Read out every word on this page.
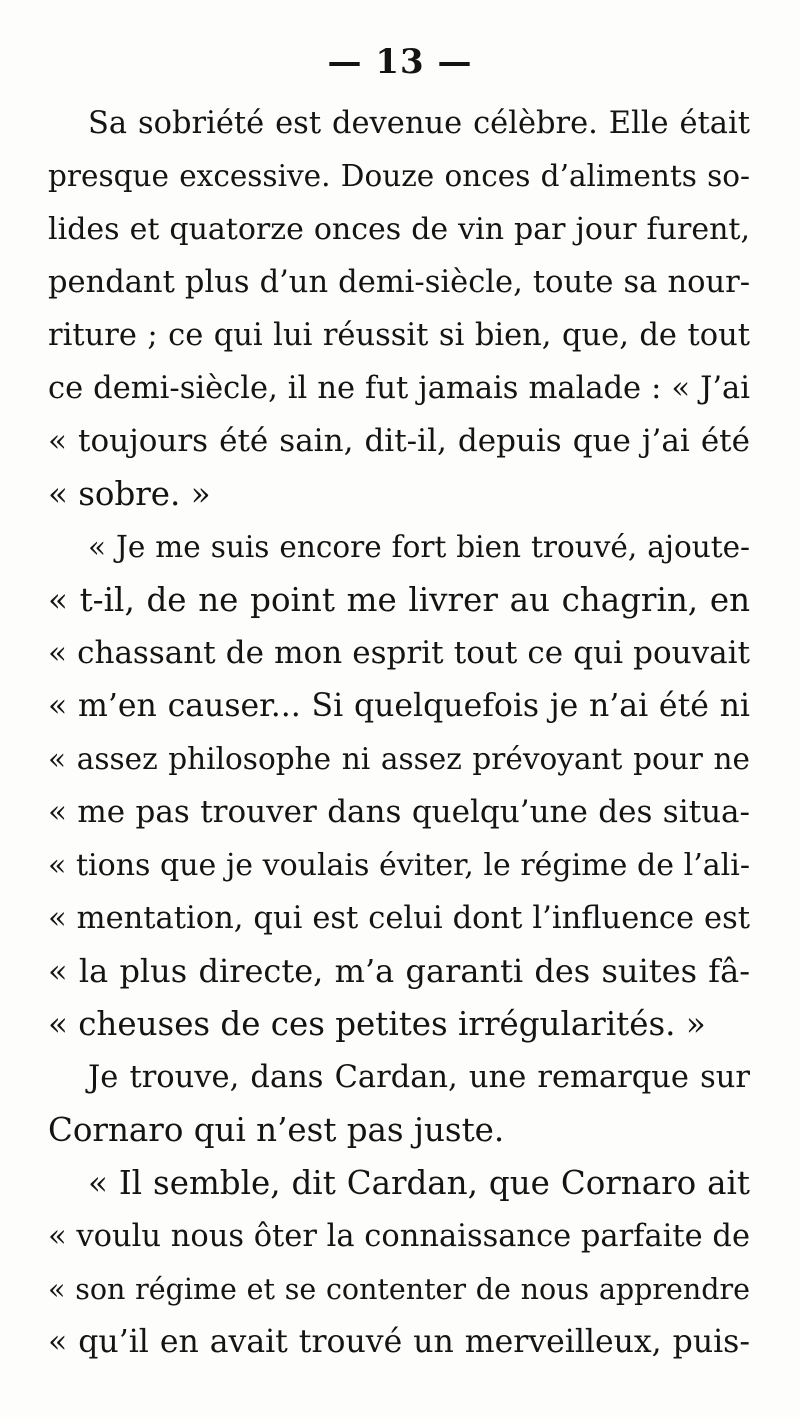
— 13 —
Sa sobriété est devenue célèbre. Elle était
presque excessive. Douze onces d’aliments so-
lides et quatorze onces de vin par jour furent,
pendant plus d’un demi-siècle, toute sa nour-
riture ; ce qui lui réussit si bien, que, de tout
ce demi-siècle, il ne fut jamais malade : « J’ai
« toujours été sain, dit-il, depuis que j’ai été
« sobre. »
« Je me suis encore fort bien trouvé, ajoute-
« t-il, de ne point me livrer au chagrin, en
« chassant de mon esprit tout ce qui pouvait
« m’en causer... Si quelquefois je n’ai été ni
« assez philosophe ni assez prévoyant pour ne
« me pas trouver dans quelqu’une des situa-
« tions que je voulais éviter, le régime de l’ali-
« mentation, qui est celui dont l’influence est
« la plus directe, m’a garanti des suites fâ-
« cheuses de ces petites irrégularités. »
Je trouve, dans Cardan, une remarque sur
Cornaro qui n’est pas juste.
« Il semble, dit Cardan, que Cornaro ait
« voulu nous ôter la connaissance parfaite de
« son régime et se contenter de nous apprendre
« qu’il en avait trouvé un merveilleux, puis-
